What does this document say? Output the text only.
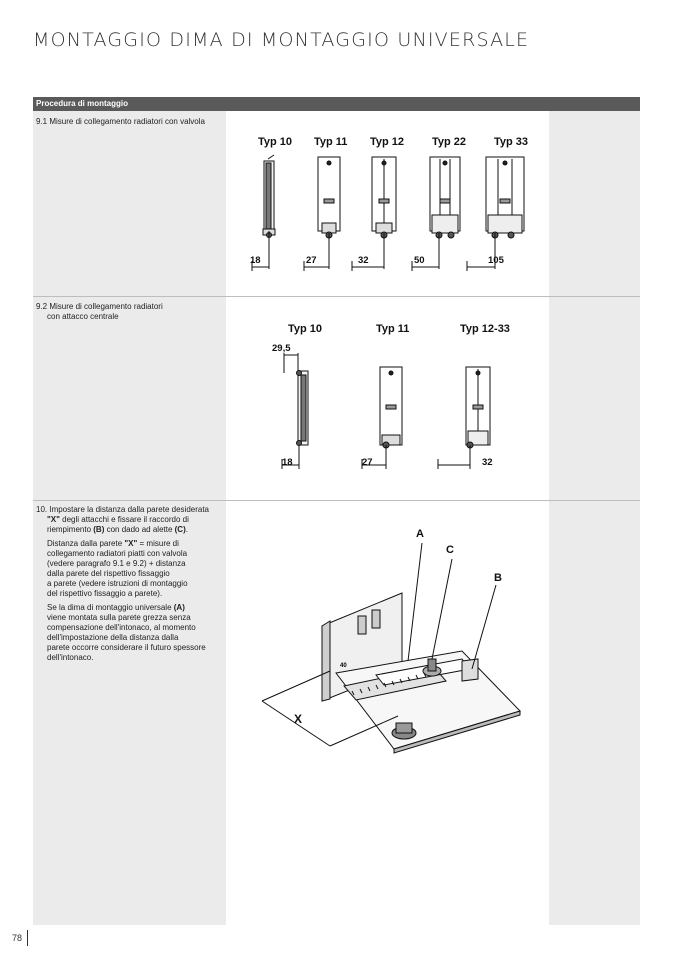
MONTAGGIO DIMA DI MONTAGGIO UNIVERSALE
Procedura di montaggio
9.1 Misure di collegamento radiatori con valvola
9.2 Misure di collegamento radiatori
con attacco centrale
10. Impostare la distanza dalla parete desiderata
"X" degli attacchi e fissare il raccordo di
riempimento (B) con dado ad alette (C).
Distanza dalla parete "X" = misure di
collegamento radiatori piatti con valvola
(vedere paragrafo 9.1 e 9.2) + distanza
dalla parete del rispettivo fissaggio
a parete (vedere istruzioni di montaggio
del rispettivo fissaggio a parete).
Se la dima di montaggio universale (A)
viene montata sulla parete grezza senza
compensazione dell'intonaco, al momento
dell'impostazione della distanza dalla
parete occorre considerare il futuro spessore
dell'intonaco.
Typ 10 Typ 11 Typ 12	Typ 22	Typ 33
18	27	32	50	105
Typ 10	Typ 11	Typ 12-33
29,5
18	27	32
40
A
C
B
X
78
